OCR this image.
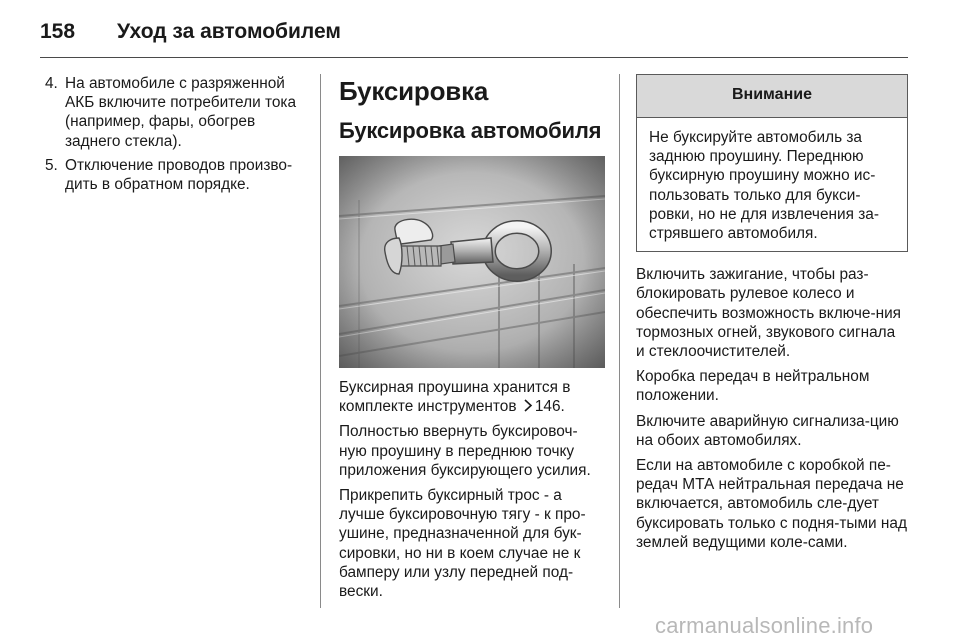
158 Уход за автомобилем
4. На автомобиле с разряженной АКБ включите потребители тока (например, фары, обогрев заднего стекла).
5. Отключение проводов произво-дить в обратном порядке.
Буксировка
Буксировка автомобиля

Буксирная проушина хранится в комплекте инструментов 146.

Полностью ввернуть буксировоч-ную проушину в переднюю точку приложения буксирующего усилия.

Прикрепить буксирный трос - а лучше буксировочную тягу - к про-ушине, предназначенной для бук-сировки, но ни в коем случае не к бамперу или узлу передней под-вески.

Внимание
Не буксируйте автомобиль за заднюю проушину. Переднюю буксирную проушину можно ис-пользовать только для букси-ровки, но не для извлечения за-стрявшего автомобиля.

Включить зажигание, чтобы раз-блокировать рулевое колесо и обеспечить возможность включе-ния тормозных огней, звукового сигнала и стеклоочистителей.

Коробка передач в нейтральном положении.

Включите аварийную сигнализа-цию на обоих автомобилях.

Если на автомобиле с коробкой пе-редач МТА нейтральная передача не включается, автомобиль сле-дует буксировать только с подня-тыми над землей ведущими коле-сами.

carmanualsonline.info
